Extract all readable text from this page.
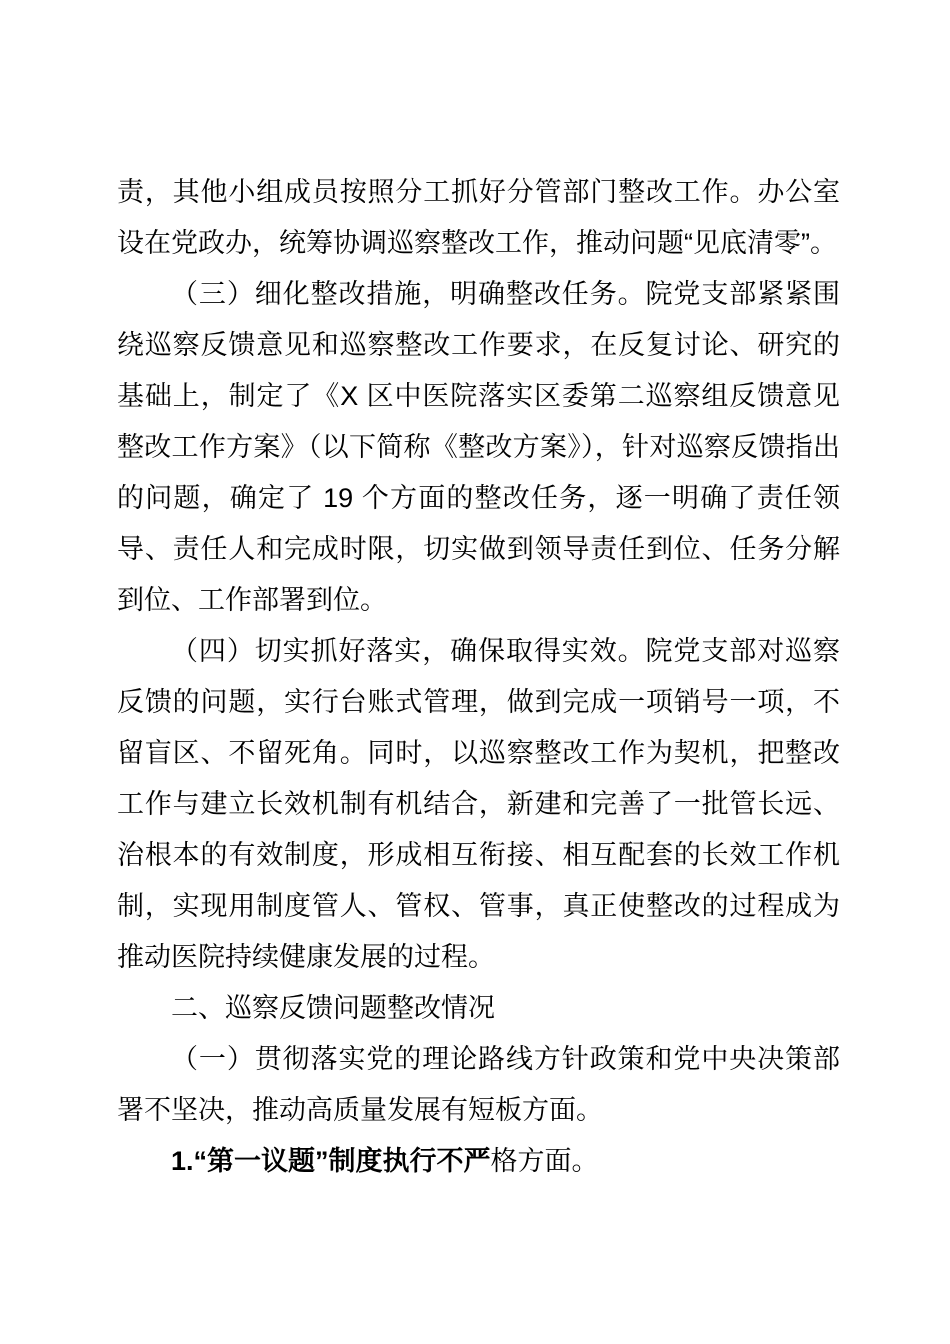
责，其他小组成员按照分工抓好分管部门整改工作。办公室设在党政办，统筹协调巡察整改工作，推动问题“见底清零”。

（三）细化整改措施，明确整改任务。院党支部紧紧围绕巡察反馈意见和巡察整改工作要求，在反复讨论、研究的基础上，制定了《X 区中医院落实区委第二巡察组反馈意见整改工作方案》（以下简称《整改方案》），针对巡察反馈指出的问题，确定了 19 个方面的整改任务，逐一明确了责任领导、责任人和完成时限，切实做到领导责任到位、任务分解到位、工作部署到位。

（四）切实抓好落实，确保取得实效。院党支部对巡察反馈的问题，实行台账式管理，做到完成一项销号一项，不留盲区、不留死角。同时，以巡察整改工作为契机，把整改工作与建立长效机制有机结合，新建和完善了一批管长远、治根本的有效制度，形成相互衔接、相互配套的长效工作机制，实现用制度管人、管权、管事，真正使整改的过程成为推动医院持续健康发展的过程。

二、巡察反馈问题整改情况

（一）贯彻落实党的理论路线方针政策和党中央决策部署不坚决，推动高质量发展有短板方面。

1.“第一议题”制度执行不严格方面。
